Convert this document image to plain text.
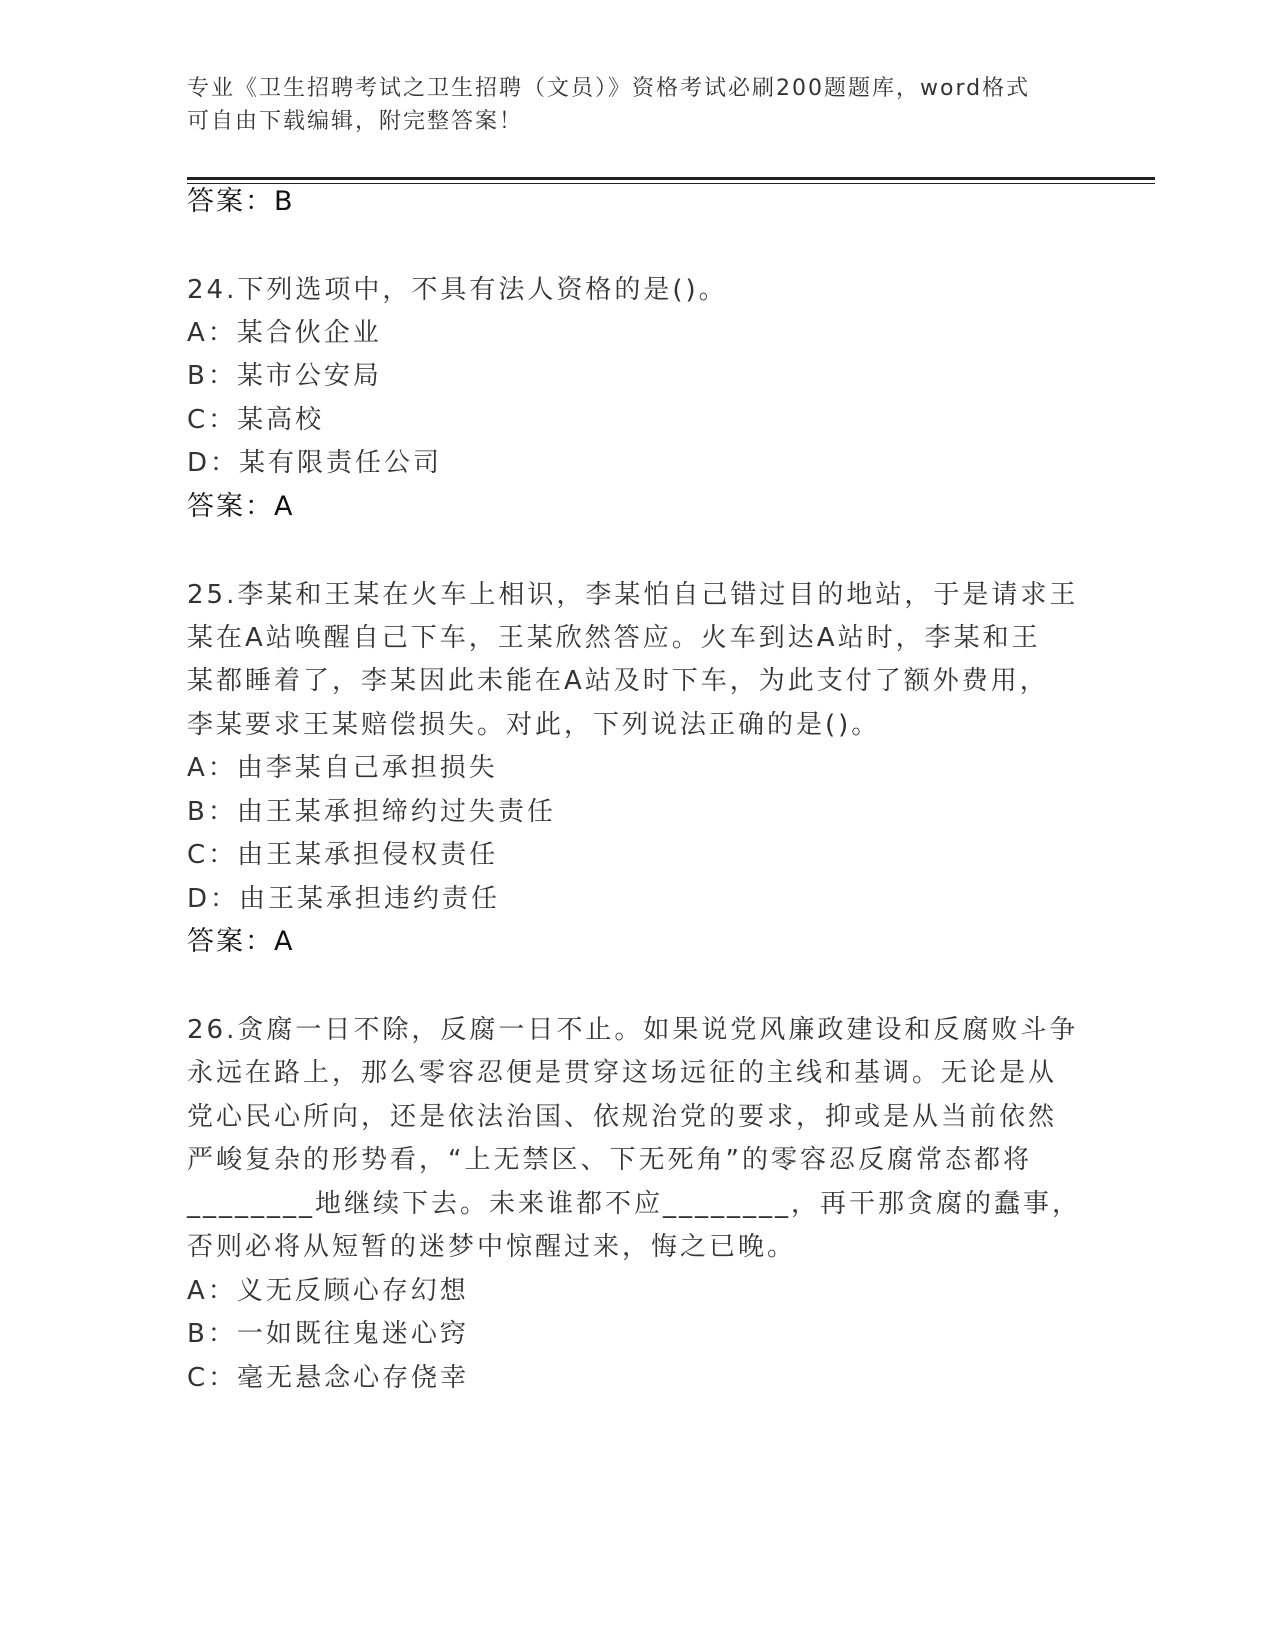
专业《卫生招聘考试之卫生招聘（文员）》资格考试必刷200题题库，word格式
可自由下载编辑，附完整答案！
答案：B
24.下列选项中，不具有法人资格的是()。
A：某合伙企业
B：某市公安局
C：某高校
D：某有限责任公司
答案：A
25.李某和王某在火车上相识，李某怕自己错过目的地站，于是请求王
某在A站唤醒自己下车，王某欣然答应。火车到达A站时，李某和王
某都睡着了，李某因此未能在A站及时下车，为此支付了额外费用，
李某要求王某赔偿损失。对此，下列说法正确的是()。
A：由李某自己承担损失
B：由王某承担缔约过失责任
C：由王某承担侵权责任
D：由王某承担违约责任
答案：A
26.贪腐一日不除，反腐一日不止。如果说党风廉政建设和反腐败斗争
永远在路上，那么零容忍便是贯穿这场远征的主线和基调。无论是从
党心民心所向，还是依法治国、依规治党的要求，抑或是从当前依然
严峻复杂的形势看，“上无禁区、下无死角”的零容忍反腐常态都将
________地继续下去。未来谁都不应________，再干那贪腐的蠢事，
否则必将从短暂的迷梦中惊醒过来，悔之已晚。
A：义无反顾心存幻想
B：一如既往鬼迷心窍
C：毫无悬念心存侥幸
